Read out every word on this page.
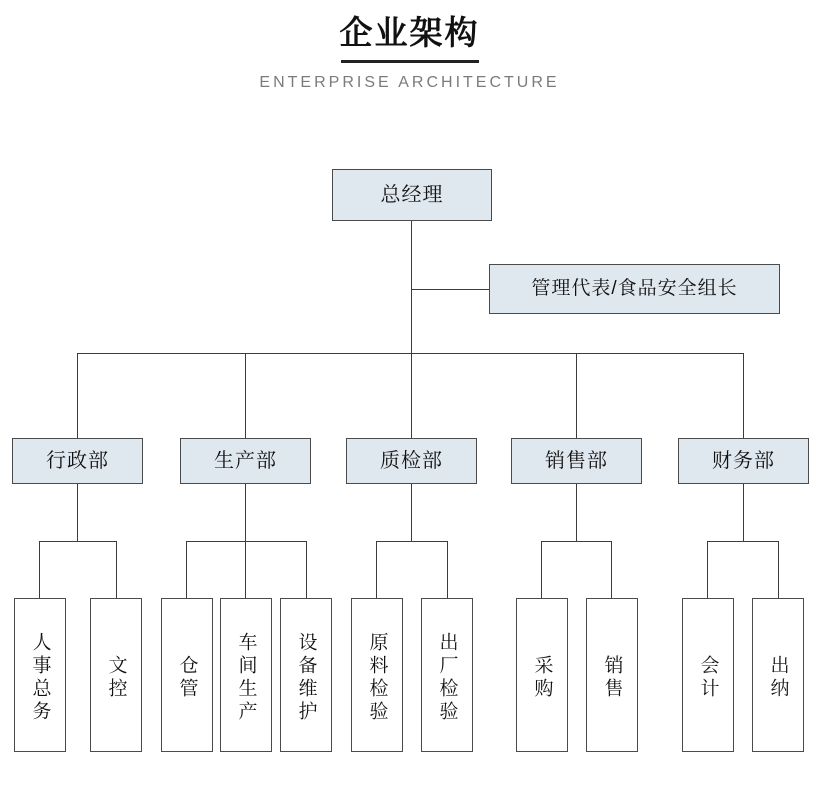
企业架构
ENTERPRISE ARCHITECTURE
总经理
管理代表/食品安全组长
行政部	生产部	质检部	销售部	财务部
人事总务	文控	仓管	车间生产	设备维护	原料检验	出厂检验	采购	销售	会计	出纳
